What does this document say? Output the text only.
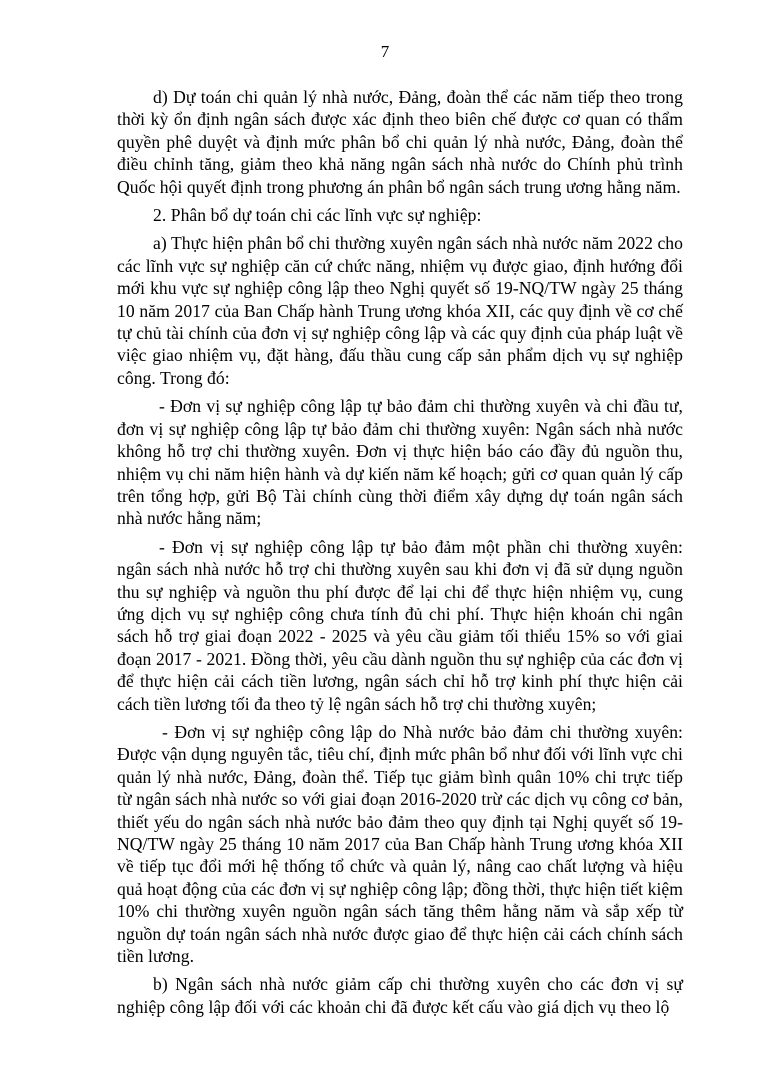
7

d) Dự toán chi quản lý nhà nước, Đảng, đoàn thể các năm tiếp theo trong thời kỳ ổn định ngân sách được xác định theo biên chế được cơ quan có thẩm quyền phê duyệt và định mức phân bổ chi quản lý nhà nước, Đảng, đoàn thể điều chỉnh tăng, giảm theo khả năng ngân sách nhà nước do Chính phủ trình Quốc hội quyết định trong phương án phân bổ ngân sách trung ương hằng năm.

2. Phân bổ dự toán chi các lĩnh vực sự nghiệp:

a) Thực hiện phân bổ chi thường xuyên ngân sách nhà nước năm 2022 cho các lĩnh vực sự nghiệp căn cứ chức năng, nhiệm vụ được giao, định hướng đổi mới khu vực sự nghiệp công lập theo Nghị quyết số 19-NQ/TW ngày 25 tháng 10 năm 2017 của Ban Chấp hành Trung ương khóa XII, các quy định về cơ chế tự chủ tài chính của đơn vị sự nghiệp công lập và các quy định của pháp luật về việc giao nhiệm vụ, đặt hàng, đấu thầu cung cấp sản phẩm dịch vụ sự nghiệp công. Trong đó:

- Đơn vị sự nghiệp công lập tự bảo đảm chi thường xuyên và chi đầu tư, đơn vị sự nghiệp công lập tự bảo đảm chi thường xuyên: Ngân sách nhà nước không hỗ trợ chi thường xuyên. Đơn vị thực hiện báo cáo đầy đủ nguồn thu, nhiệm vụ chi năm hiện hành và dự kiến năm kế hoạch; gửi cơ quan quản lý cấp trên tổng hợp, gửi Bộ Tài chính cùng thời điểm xây dựng dự toán ngân sách nhà nước hằng năm;

- Đơn vị sự nghiệp công lập tự bảo đảm một phần chi thường xuyên: ngân sách nhà nước hỗ trợ chi thường xuyên sau khi đơn vị đã sử dụng nguồn thu sự nghiệp và nguồn thu phí được để lại chi để thực hiện nhiệm vụ, cung ứng dịch vụ sự nghiệp công chưa tính đủ chi phí. Thực hiện khoán chi ngân sách hỗ trợ giai đoạn 2022 - 2025 và yêu cầu giảm tối thiểu 15% so với giai đoạn 2017 - 2021. Đồng thời, yêu cầu dành nguồn thu sự nghiệp của các đơn vị để thực hiện cải cách tiền lương, ngân sách chỉ hỗ trợ kinh phí thực hiện cải cách tiền lương tối đa theo tỷ lệ ngân sách hỗ trợ chi thường xuyên;

- Đơn vị sự nghiệp công lập do Nhà nước bảo đảm chi thường xuyên: Được vận dụng nguyên tắc, tiêu chí, định mức phân bổ như đối với lĩnh vực chi quản lý nhà nước, Đảng, đoàn thể. Tiếp tục giảm bình quân 10% chi trực tiếp từ ngân sách nhà nước so với giai đoạn 2016-2020 trừ các dịch vụ công cơ bản, thiết yếu do ngân sách nhà nước bảo đảm theo quy định tại Nghị quyết số 19-NQ/TW ngày 25 tháng 10 năm 2017 của Ban Chấp hành Trung ương khóa XII về tiếp tục đổi mới hệ thống tổ chức và quản lý, nâng cao chất lượng và hiệu quả hoạt động của các đơn vị sự nghiệp công lập; đồng thời, thực hiện tiết kiệm 10% chi thường xuyên nguồn ngân sách tăng thêm hằng năm và sắp xếp từ nguồn dự toán ngân sách nhà nước được giao để thực hiện cải cách chính sách tiền lương.

b) Ngân sách nhà nước giảm cấp chi thường xuyên cho các đơn vị sự nghiệp công lập đối với các khoản chi đã được kết cấu vào giá dịch vụ theo lộ
